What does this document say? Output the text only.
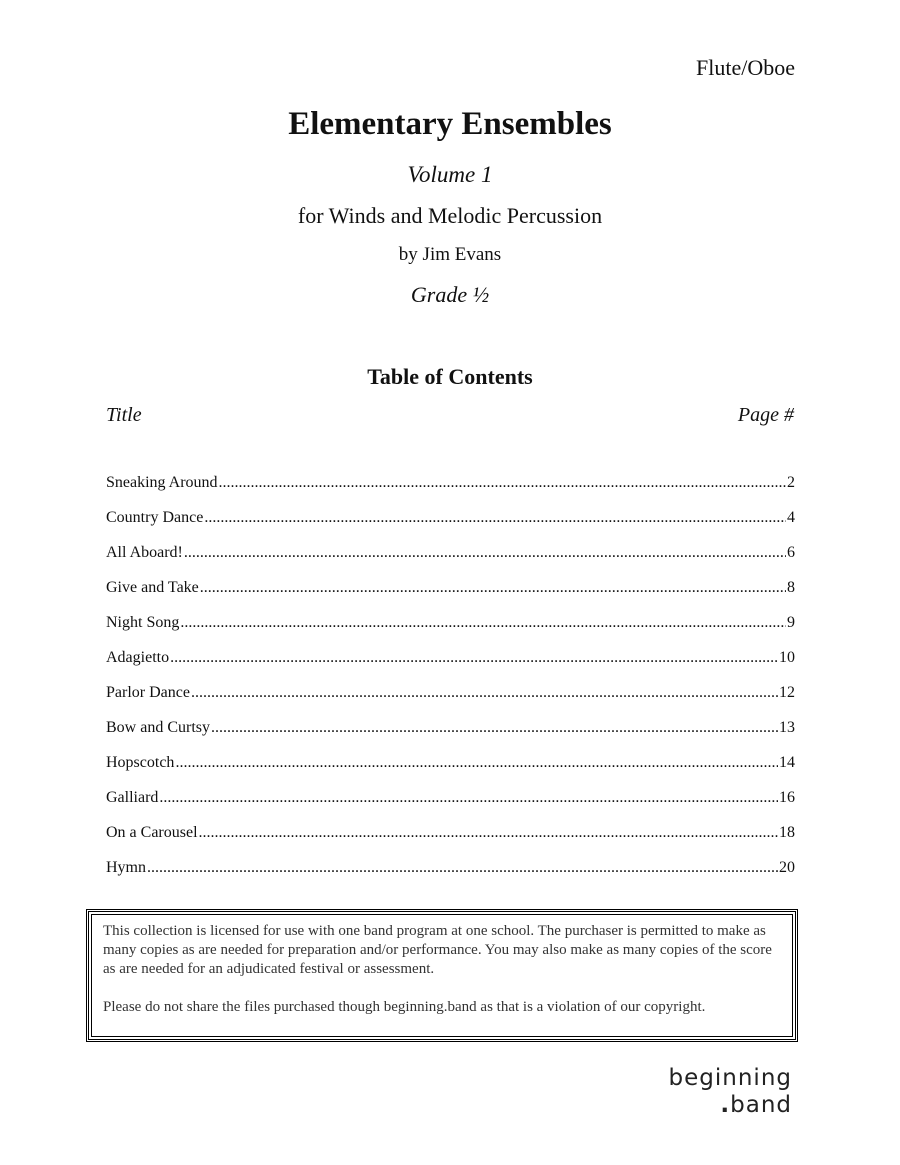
Flute/Oboe
Elementary Ensembles
Volume 1
for Winds and Melodic Percussion
by Jim Evans
Grade ½
Table of Contents
Title	Page #
Sneaking Around .....	2
Country Dance .....	4
All Aboard! .....	6
Give and Take .....	8
Night Song .....	9
Adagietto .....	10
Parlor Dance .....	12
Bow and Curtsy .....	13
Hopscotch .....	14
Galliard .....	16
On a Carousel .....	18
Hymn .....	20

This collection is licensed for use with one band program at one school. The purchaser is permitted to make as many copies as are needed for preparation and/or performance. You may also make as many copies of the score as are needed for an adjudicated festival or assessment.

Please do not share the files purchased though beginning.band as that is a violation of our copyright.

beginning
.band
